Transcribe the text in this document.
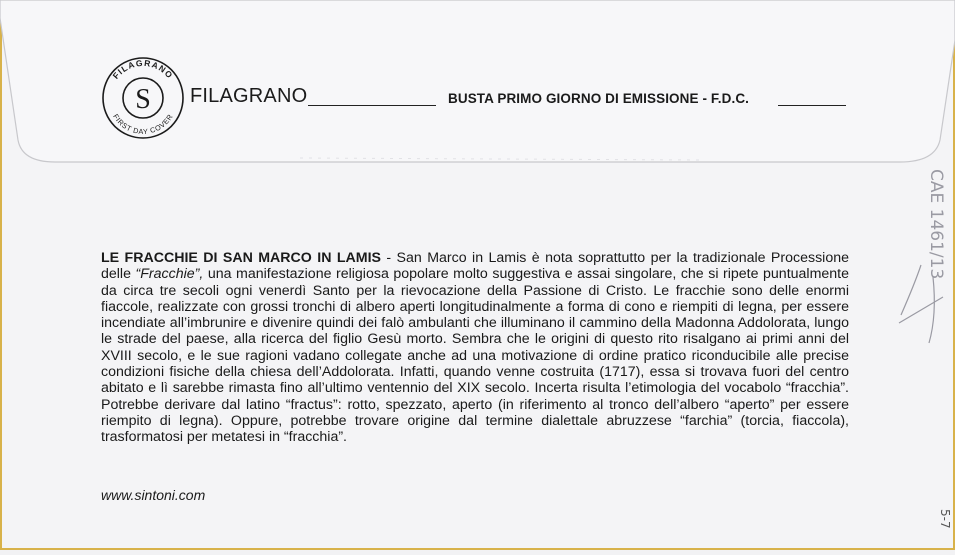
FILAGRANO
FIRST DAY COVER
S FILAGRANO	BUSTA PRIMO GIORNO DI EMISSIONE - F.D.C.
LE FRACCHIE DI SAN MARCO IN LAMIS - San Marco in Lamis è nota soprattutto per la tradizionale Processione delle “Fracchie”, una manifestazione religiosa popolare molto suggestiva e assai singolare, che si ripete puntualmente da circa tre secoli ogni venerdì Santo per la rievocazione della Passione di Cristo. Le fracchie sono delle enormi fiaccole, realizzate con grossi tronchi di albero aperti longitudinalmente a forma di cono e riempiti di legna, per essere incendiate all’imbrunire e divenire quindi dei falò ambulanti che illuminano il cammino della Madonna Addolorata, lungo le strade del paese, alla ricerca del figlio Gesù morto. Sembra che le origini di questo rito risalgano ai primi anni del XVIII secolo, e le sue ragioni vadano collegate anche ad una motivazione di ordine pratico riconducibile alle precise condizioni fisiche della chiesa dell’Addolorata. Infatti, quando venne costruita (1717), essa si trovava fuori del centro abitato e lì sarebbe rimasta fino all’ultimo ventennio del XIX secolo. Incerta risulta l’etimologia del vocabolo “fracchia”. Potrebbe derivare dal latino “fractus”: rotto, spezzato, aperto (in riferimento al tronco dell’albero “aperto” per essere riempito di legna). Oppure, potrebbe trovare origine dal termine dialettale abruzzese “farchia” (torcia, fiaccola), trasformatosi per metatesi in “fracchia”.
www.sintoni.com
CAE 1461/13
5-7
